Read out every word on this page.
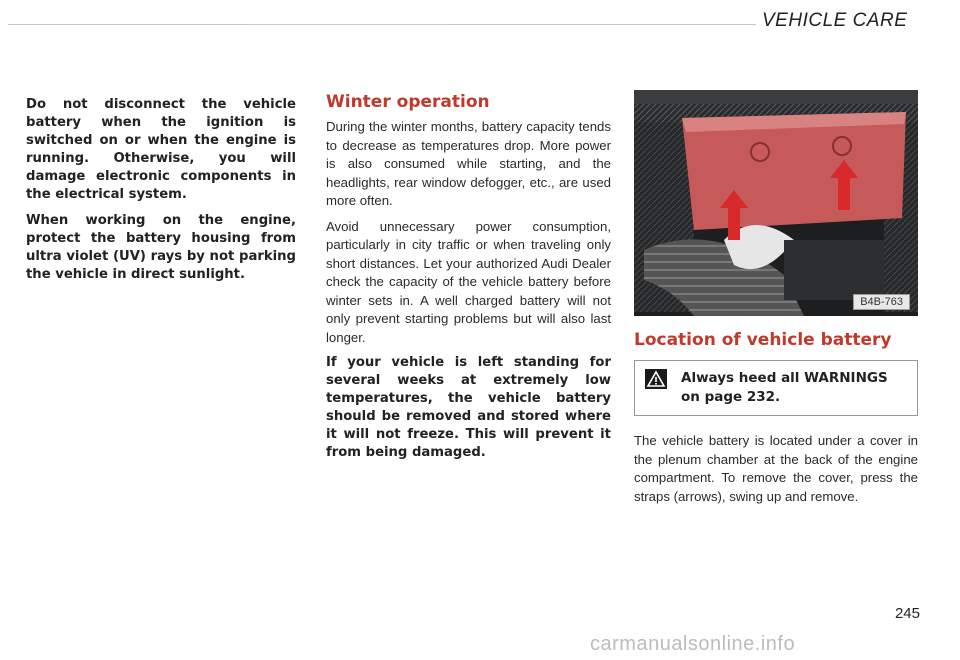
VEHICLE CARE

Do not disconnect the vehicle battery when the ignition is switched on or when the engine is running. Otherwise, you will damage electronic components in the electrical system.

When working on the engine, protect the battery housing from ultra violet (UV) rays by not parking the vehicle in direct sunlight.

Winter operation

During the winter months, battery capacity tends to decrease as temperatures drop. More power is also consumed while starting, and the headlights, rear window defogger, etc., are used more often.

Avoid unnecessary power consumption, particularly in city traffic or when traveling only short distances. Let your authorized Audi Dealer check the capacity of the vehicle battery before winter sets in. A well charged battery will not only prevent starting problems but will also last longer.

If your vehicle is left standing for several weeks at extremely low temperatures, the vehicle battery should be removed and stored where it will not freeze. This will prevent it from being damaged.

B4B-763
Location of vehicle battery
Always heed all WARNINGS on page 232.

The vehicle battery is located under a cover in the plenum chamber at the back of the engine compartment. To remove the cover, press the straps (arrows), swing up and remove.

245
carmanualsonline.info
